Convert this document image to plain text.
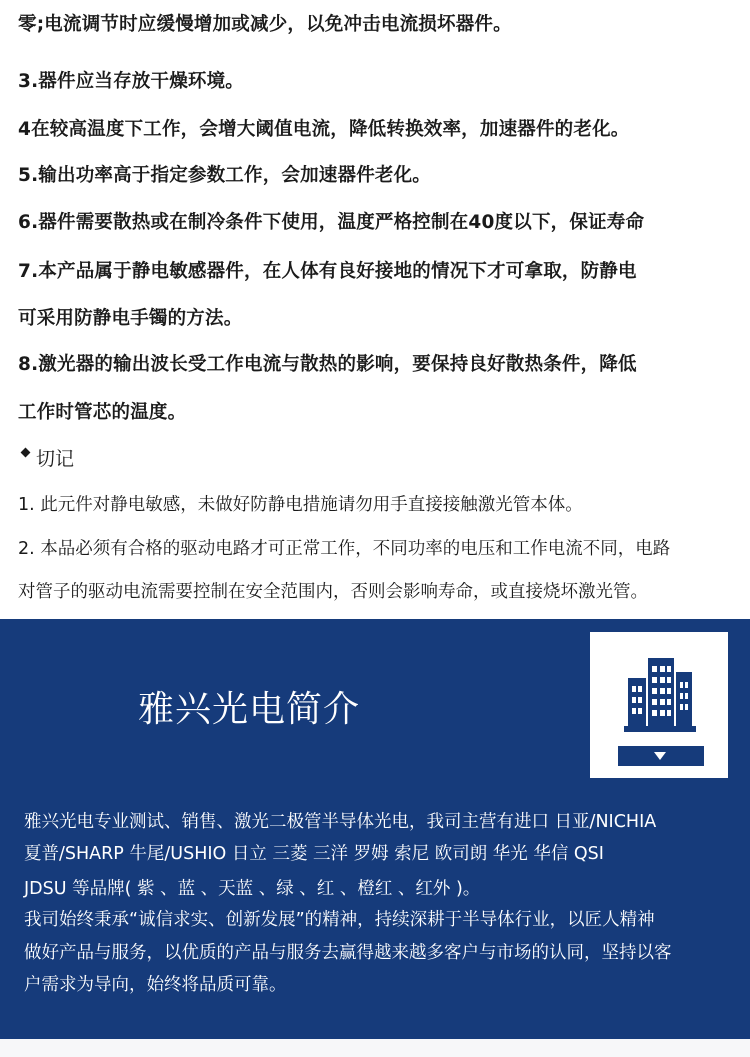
零;电流调节时应缓慢增加或减少，以免冲击电流损坏器件。
3.器件应当存放干燥环境。
4在较高温度下工作，会增大阈值电流，降低转换效率，加速器件的老化。
5.输出功率高于指定参数工作，会加速器件老化。
6.器件需要散热或在制冷条件下使用，温度严格控制在40度以下，保证寿命
7.本产品属于静电敏感器件，在人体有良好接地的情况下才可拿取，防静电
可采用防静电手镯的方法。
8.激光器的输出波长受工作电流与散热的影响，要保持良好散热条件，降低
工作时管芯的温度。
切记
1. 此元件对静电敏感，未做好防静电措施请勿用手直接接触激光管本体。
2. 本品必须有合格的驱动电路才可正常工作，不同功率的电压和工作电流不同，电路
对管子的驱动电流需要控制在安全范围内，否则会影响寿命，或直接烧坏激光管。
雅兴光电简介
雅兴光电专业测试、销售、激光二极管半导体光电，我司主营有进口 日亚/NICHIA
夏普/SHARP 牛尾/USHIO 日立 三菱 三洋 罗姆 索尼 欧司朗 华光 华信 QSI
JDSU 等品牌( 紫 、蓝 、天蓝 、绿 、红 、橙红 、红外 )。
我司始终秉承“诚信求实、创新发展”的精神，持续深耕于半导体行业，以匠人精神
做好产品与服务，以优质的产品与服务去赢得越来越多客户与市场的认同，坚持以客
户需求为导向，始终将品质可靠。
